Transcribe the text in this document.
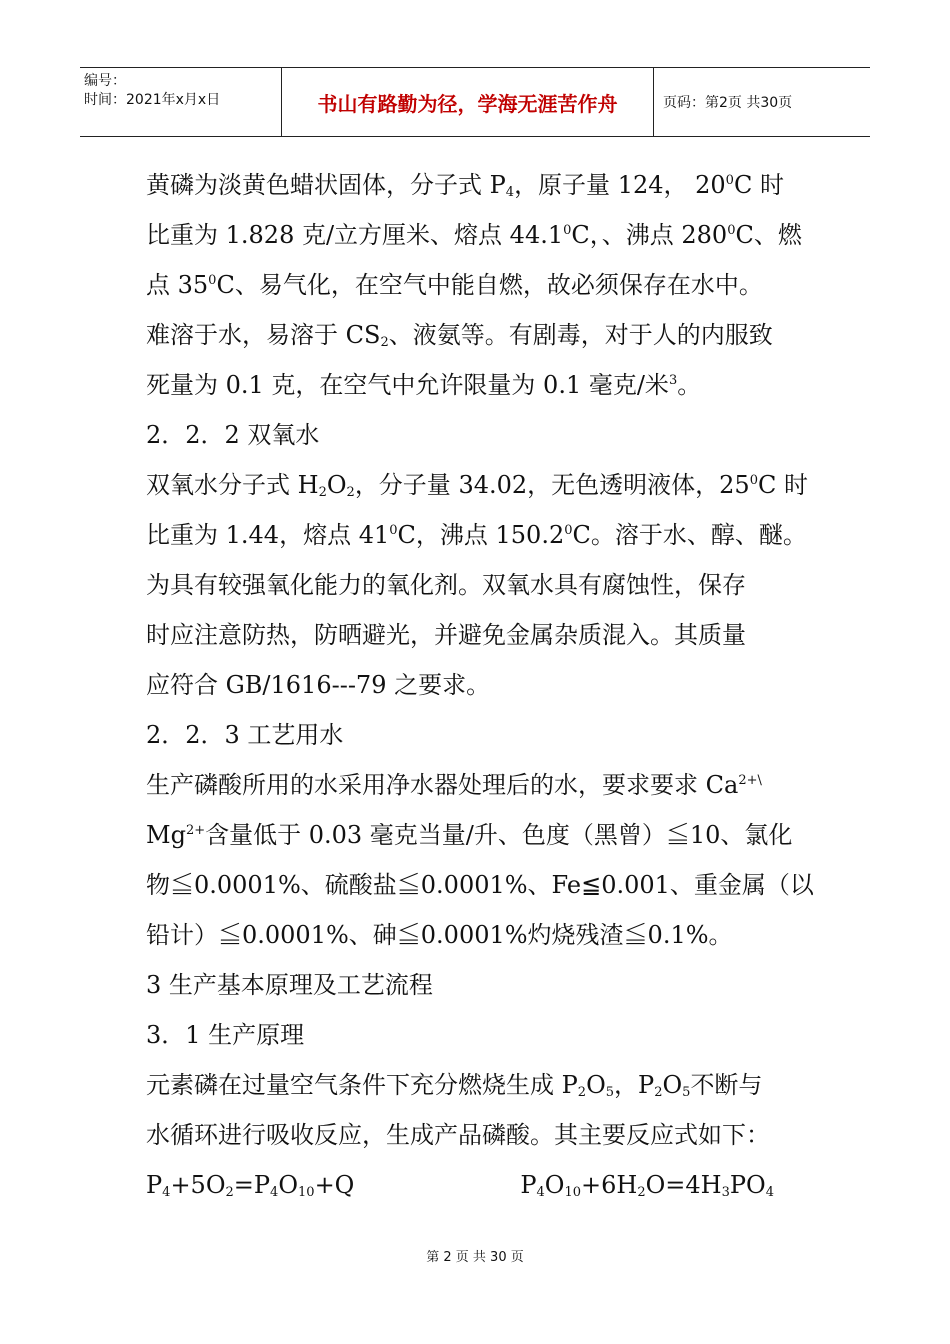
编号：
时间：2021年x月x日	书山有路勤为径，学海无涯苦作舟	页码：第2页 共30页
黄磷为淡黄色蜡状固体，分子式 $P_4$，原子量 124， $20^0C$ 时
比重为 1.828 克/立方厘米、熔点 44.1$^0$C，、沸点 $280^0C$、燃
点 $35^0C$、易气化，在空气中能自燃，故必须保存在水中。
难溶于水，易溶于 $CS_2$、液氨等。有剧毒，对于人的内服致
死量为 0.1 克，在空气中允许限量为 0.1 毫克/米$^3$。
2．2．2 双氧水
双氧水分子式 $H_2O_2$，分子量 34.02，无色透明液体，$25^0C$ 时
比重为 1.44，熔点 $41^0C$，沸点 150.2$^0$C。溶于水、醇、醚。
为具有较强氧化能力的氧化剂。双氧水具有腐蚀性，保存
时应注意防热，防晒避光，并避免金属杂质混入。其质量
应符合 GB/1616---79 之要求。
2．2．3 工艺用水
生产磷酸所用的水采用净水器处理后的水，要求要求 $Ca^{2+\backslash}$
$Mg^{2+}$含量低于 0.03 毫克当量/升、色度（黑曾）≦10、氯化
物≦0.0001%、硫酸盐≦0.0001%、Fe≦0.001、重金属（以
铅计）≦0.0001%、砷≦0.0001%灼烧残渣≦0.1%。
3 生产基本原理及工艺流程
3．1 生产原理
元素磷在过量空气条件下充分燃烧生成 $P_2O_5$，$P_2O_5$不断与
水循环进行吸收反应，生成产品磷酸。其主要反应式如下：
$P_4+5O_2=P_4O_{10}+Q$	$P_4O_{10}+6H_2O=4H_3PO_4$
第 2 页 共 30 页
